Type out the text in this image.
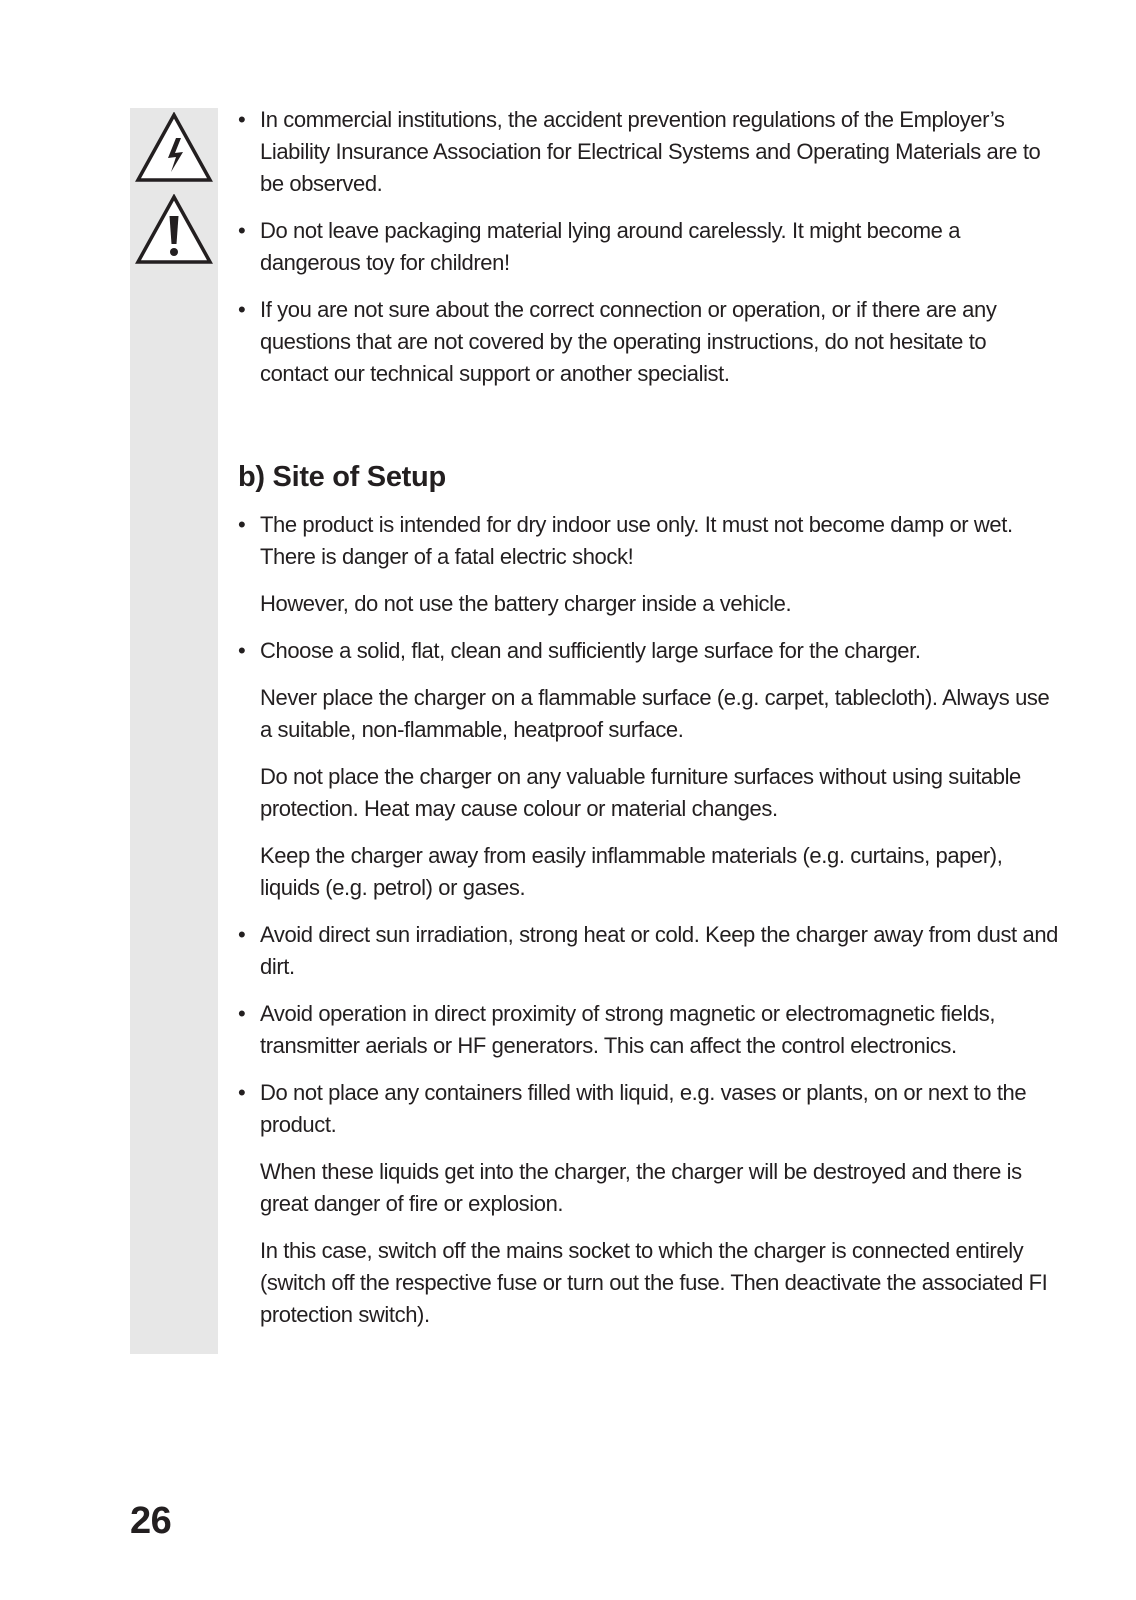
• In commercial institutions, the accident prevention regulations of the Employer’s Liability Insurance Association for Electrical Systems and Operating Materials are to be observed.
• Do not leave packaging material lying around carelessly. It might become a dangerous toy for children!
• If you are not sure about the correct connection or operation, or if there are any questions that are not covered by the operating instructions, do not hesitate to contact our technical support or another specialist.
b) Site of Setup
• The product is intended for dry indoor use only. It must not become damp or wet. There is danger of a fatal electric shock!
However, do not use the battery charger inside a vehicle.
• Choose a solid, flat, clean and sufficiently large surface for the charger.
Never place the charger on a flammable surface (e.g. carpet, tablecloth). Always use a suitable, non-flammable, heatproof surface.
Do not place the charger on any valuable furniture surfaces without using suitable protection. Heat may cause colour or material changes.
Keep the charger away from easily inflammable materials (e.g. curtains, paper), liquids (e.g. petrol) or gases.
• Avoid direct sun irradiation, strong heat or cold. Keep the charger away from dust and dirt.
• Avoid operation in direct proximity of strong magnetic or electromagnetic fields, transmitter aerials or HF generators. This can affect the control electronics.
• Do not place any containers filled with liquid, e.g. vases or plants, on or next to the product.
When these liquids get into the charger, the charger will be destroyed and there is great danger of fire or explosion.
In this case, switch off the mains socket to which the charger is connected entirely (switch off the respective fuse or turn out the fuse. Then deactivate the associated FI protection switch).
26
